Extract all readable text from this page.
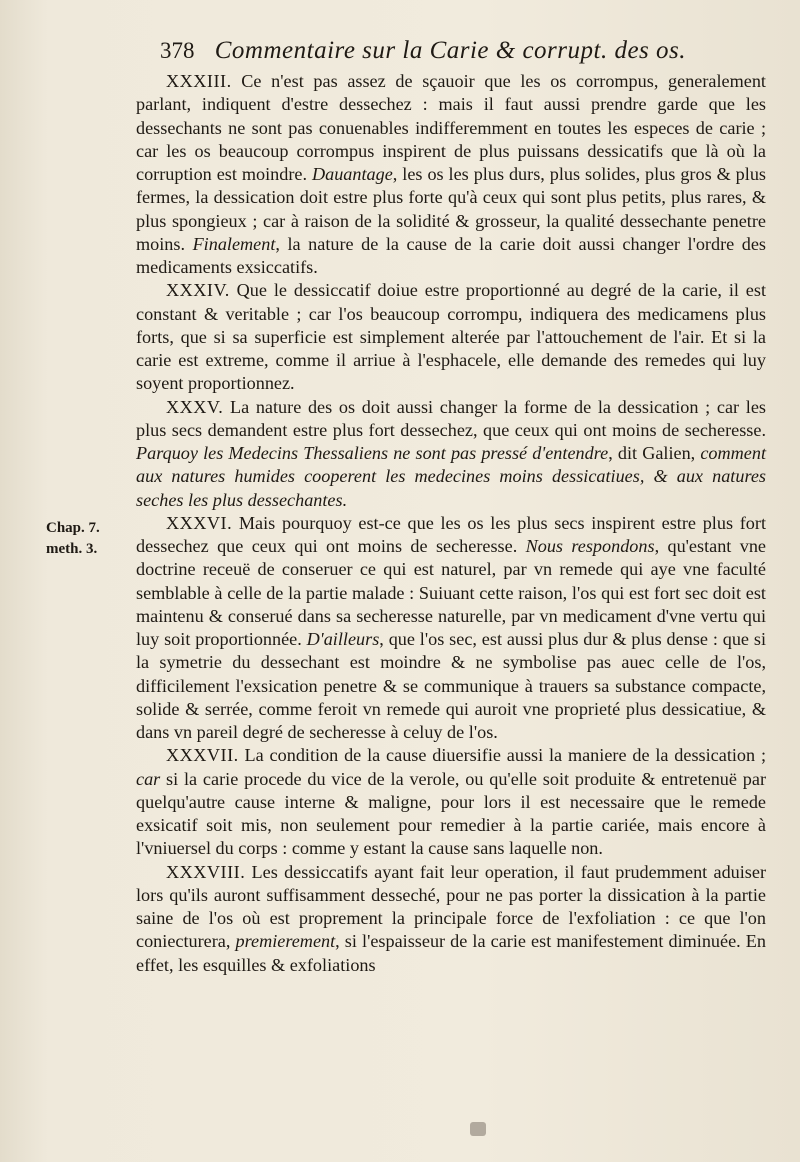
378 Commentaire sur la Carie & corrupt. des os.
Chap. 7.
meth. 3.

XXXIII. Ce n'est pas assez de sçauoir que les os corrompus, generalement parlant, indiquent d'estre dessechez : mais il faut aussi prendre garde que les dessechants ne sont pas conuenables indifferemment en toutes les especes de carie ; car les os beaucoup corrompus inspirent de plus puissans dessicatifs que là où la corruption est moindre. Dauantage, les os les plus durs, plus solides, plus gros & plus fermes, la dessication doit estre plus forte qu'à ceux qui sont plus petits, plus rares, & plus spongieux ; car à raison de la solidité & grosseur, la qualité dessechante penetre moins. Finalement, la nature de la cause de la carie doit aussi changer l'ordre des medicaments exsiccatifs.

XXXIV. Que le dessiccatif doiue estre proportionné au degré de la carie, il est constant & veritable ; car l'os beaucoup corrompu, indiquera des medicamens plus forts, que si sa superficie est simplement alterée par l'attouchement de l'air. Et si la carie est extreme, comme il arriue à l'esphacele, elle demande des remedes qui luy soyent proportionnez.

XXXV. La nature des os doit aussi changer la forme de la dessication ; car les plus secs demandent estre plus fort dessechez, que ceux qui ont moins de secheresse. Parquoy les Medecins Thessaliens ne sont pas pressé d'entendre, dit Galien, comment aux natures humides cooperent les medecines moins dessicatiues, & aux natures seches les plus dessechantes.

XXXVI. Mais pourquoy est-ce que les os les plus secs inspirent estre plus fort dessechez que ceux qui ont moins de secheresse. Nous respondons, qu'estant vne doctrine receuë de conseruer ce qui est naturel, par vn remede qui aye vne faculté semblable à celle de la partie malade : Suiuant cette raison, l'os qui est fort sec doit est maintenu & conserué dans sa secheresse naturelle, par vn medicament d'vne vertu qui luy soit proportionnée. D'ailleurs, que l'os sec, est aussi plus dur & plus dense : que si la symetrie du dessechant est moindre & ne symbolise pas auec celle de l'os, difficilement l'exsication penetre & se communique à trauers sa substance compacte, solide & serrée, comme feroit vn remede qui auroit vne proprieté plus dessicatiue, & dans vn pareil degré de secheresse à celuy de l'os.

XXXVII. La condition de la cause diuersifie aussi la maniere de la dessication ; car si la carie procede du vice de la verole, ou qu'elle soit produite & entretenuë par quelqu'autre cause interne & maligne, pour lors il est necessaire que le remede exsicatif soit mis, non seulement pour remedier à la partie cariée, mais encore à l'vniuersel du corps : comme y estant la cause sans laquelle non.

XXXVIII. Les dessiccatifs ayant fait leur operation, il faut prudemment aduiser lors qu'ils auront suffisamment desseché, pour ne pas porter la dissication à la partie saine de l'os où est proprement la principale force de l'exfoliation : ce que l'on coniecturera, premierement, si l'espaisseur de la carie est manifestement diminuée. En effet, les esquilles & exfoliations
